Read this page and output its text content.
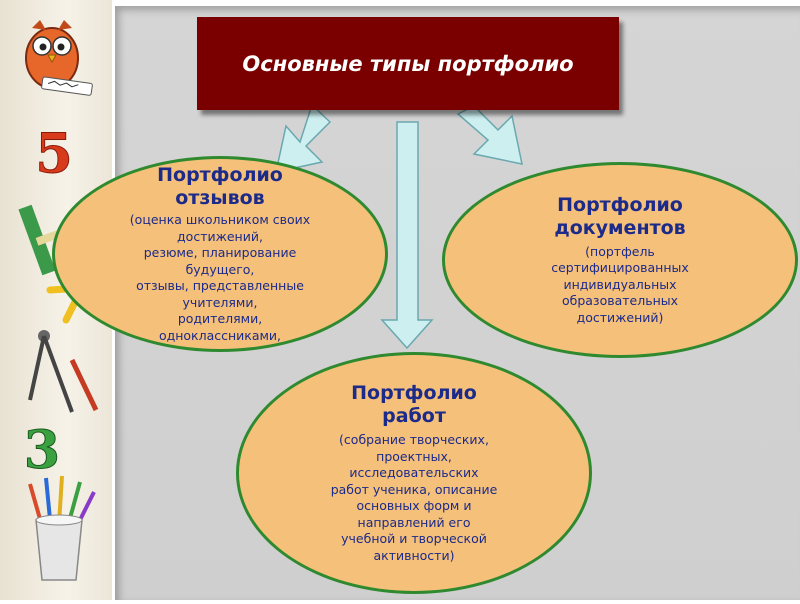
5
3
Основные типы портфолио
Портфолио
отзывов
(оценка школьником своих
достижений,
резюме, планирование
будущего,
отзывы, представленные
учителями,
родителями,
одноклассниками,
Портфолио
документов
(портфель
сертифицированных
индивидуальных
образовательных
достижений)
Портфолио
работ
(собрание творческих,
проектных,
исследовательских
работ ученика, описание
основных форм и
направлений его
учебной и творческой
активности)
